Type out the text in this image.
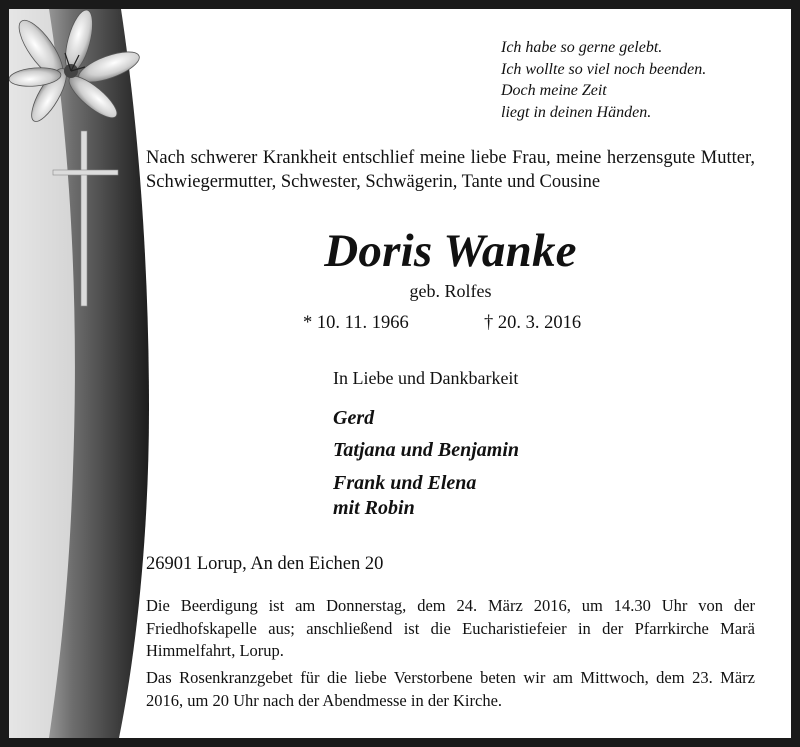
Ich habe so gerne gelebt.
Ich wollte so viel noch beenden.
Doch meine Zeit
liegt in deinen Händen.
Nach schwerer Krankheit entschlief meine liebe Frau, meine herzensgute Mutter, Schwiegermutter, Schwester, Schwägerin, Tante und Cousine
Doris Wanke
geb. Rolfes
* 10. 11. 1966	† 20. 3. 2016
In Liebe und Dankbarkeit
Gerd
Tatjana und Benjamin
Frank und Elena
mit Robin
26901 Lorup, An den Eichen 20
Die Beerdigung ist am Donnerstag, dem 24. März 2016, um 14.30 Uhr von der Friedhofskapelle aus; anschließend ist die Eucharistiefeier in der Pfarrkirche Marä Himmelfahrt, Lorup.
Das Rosenkranzgebet für die liebe Verstorbene beten wir am Mittwoch, dem 23. März 2016, um 20 Uhr nach der Abendmesse in der Kirche.
